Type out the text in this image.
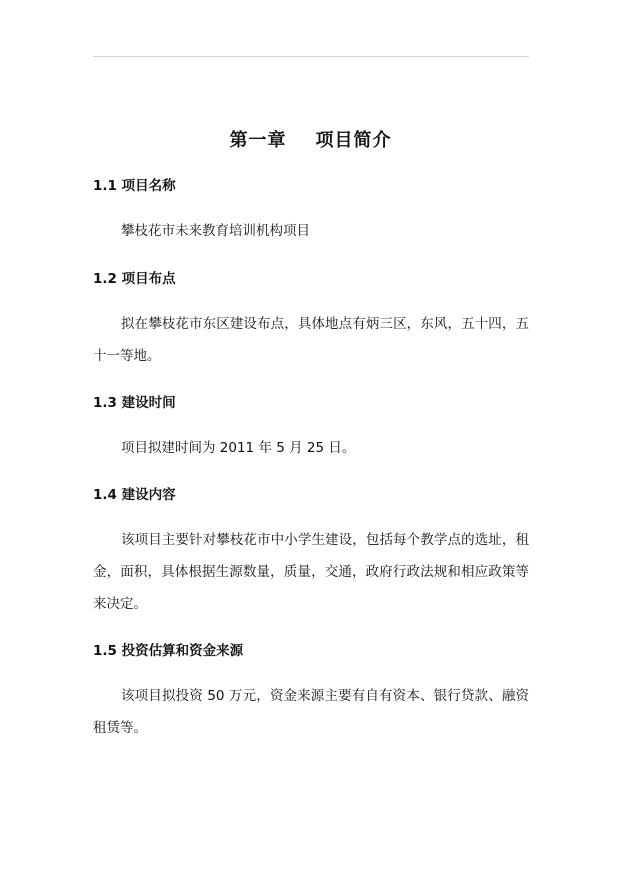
第一章    项目简介
1.1 项目名称

攀枝花市未来教育培训机构项目

1.2 项目布点

拟在攀枝花市东区建设布点，具体地点有炳三区，东风，五十四，五十一等地。

1.3 建设时间

项目拟建时间为 2011 年 5 月 25 日。

1.4 建设内容

该项目主要针对攀枝花市中小学生建设，包括每个教学点的选址，租金，面积，具体根据生源数量，质量，交通，政府行政法规和相应政策等来决定。

1.5 投资估算和资金来源

该项目拟投资 50 万元，资金来源主要有自有资本、银行贷款、融资租赁等。
